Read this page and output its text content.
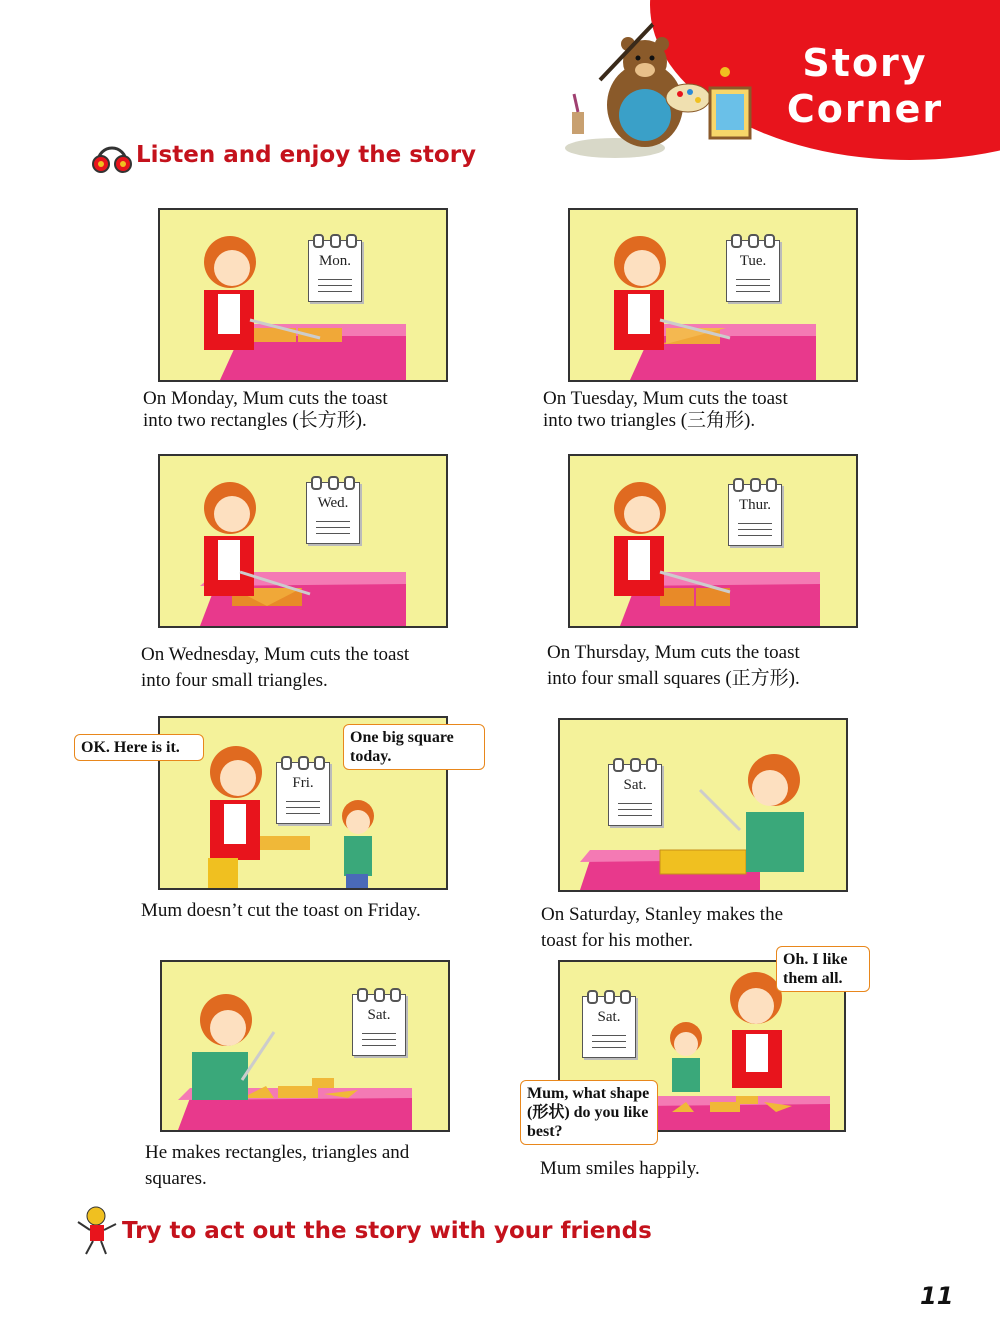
Story
Corner
Listen and enjoy the story
Mon.
On Monday, Mum cuts the toast
into two rectangles (长方形).
Tue.
On Tuesday, Mum cuts the toast
into two triangles (三角形).
Wed.
On Wednesday, Mum cuts the toast
into four small triangles.
Thur.
On Thursday, Mum cuts the toast
into four small squares (正方形).
Fri.
OK. Here is it.
One big square today.
Mum doesn’t cut the toast on Friday.
Sat.
On Saturday, Stanley makes the
toast for his mother.
Sat.
He makes rectangles, triangles and
squares.
Sat.
Oh. I like them all.
Mum, what shape (形状) do you like best?
Mum smiles happily.
Try to act out the story with your friends
11
